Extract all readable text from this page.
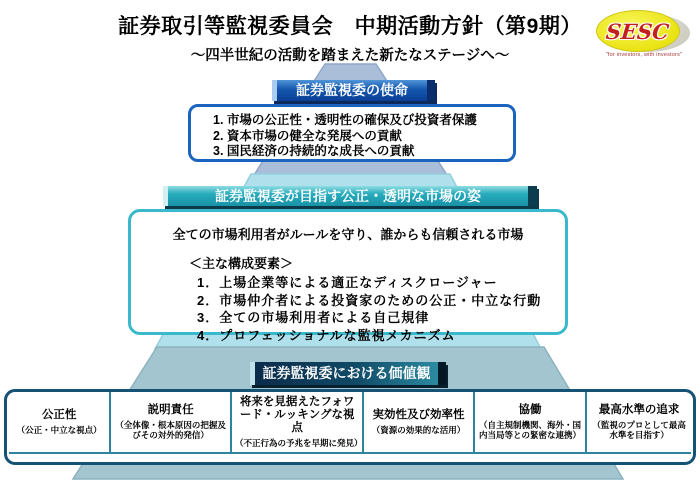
証券取引等監視委員会　中期活動方針（第9期）
～四半世紀の活動を踏まえた新たなステージへ～
SESC
"for investors, with investors"
証券監視委の使命
1. 市場の公正性・透明性の確保及び投資者保護
2. 資本市場の健全な発展への貢献
3. 国民経済の持続的な成長への貢献
証券監視委が目指す公正・透明な市場の姿
全ての市場利用者がルールを守り、誰からも信頼される市場
＜主な構成要素＞
1．上場企業等による適正なディスクロージャー
2．市場仲介者による投資家のための公正・中立な行動
3．全ての市場利用者による自己規律
4．プロフェッショナルな監視メカニズム
証券監視委における価値観
公正性
（公正・中立な視点）
説明責任
（全体像・根本原因の把握及びその対外的発信）
将来を見据えたフォワード・ルッキングな視点
（不正行為の予兆を早期に発見）
実効性及び効率性
（資源の効果的な活用）
協働
（自主規制機関、海外・国内当局等との緊密な連携）
最高水準の追求
（監視のプロとして最高水準を目指す）
